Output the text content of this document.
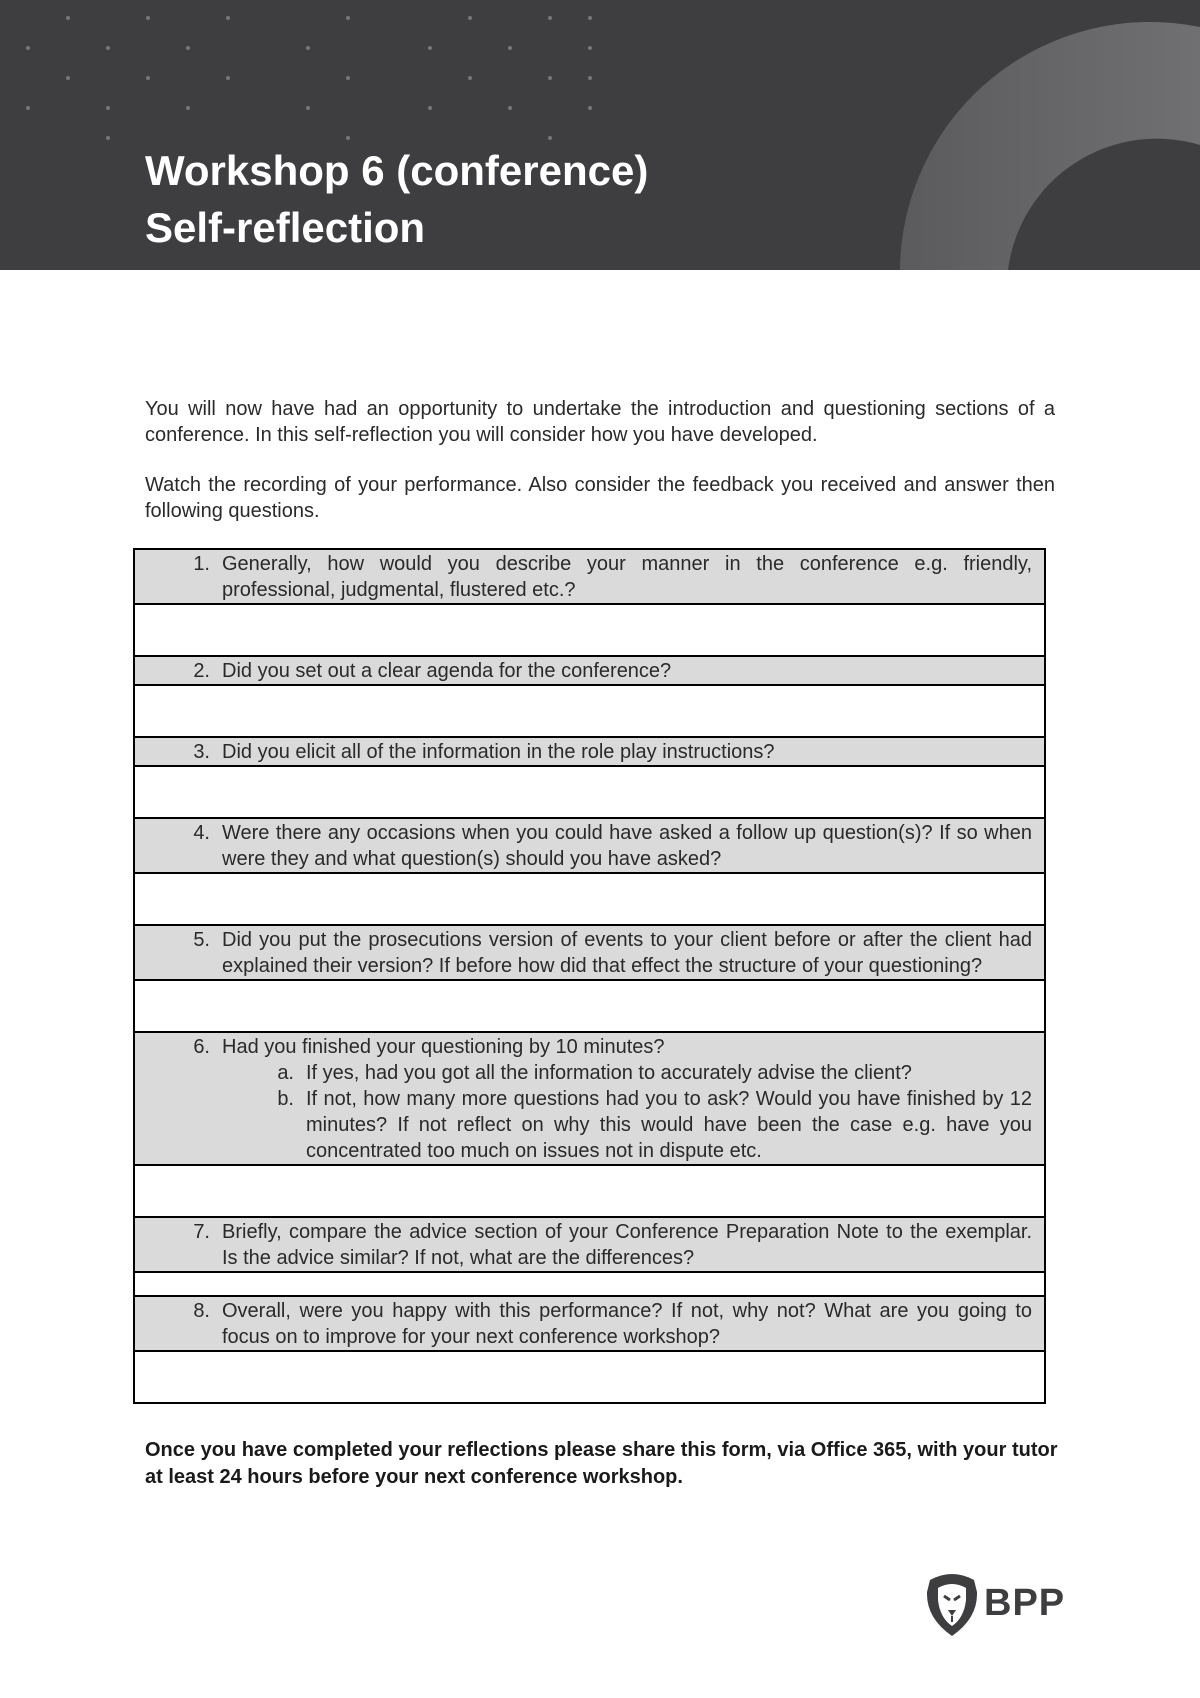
Workshop 6 (conference)
Self-reflection

You will now have had an opportunity to undertake the introduction and questioning sections of a conference. In this self-reflection you will consider how you have developed.

Watch the recording of your performance. Also consider the feedback you received and answer then following questions.

1. Generally, how would you describe your manner in the conference e.g. friendly, professional, judgmental, flustered etc.?

2. Did you set out a clear agenda for the conference?

3. Did you elicit all of the information in the role play instructions?

4. Were there any occasions when you could have asked a follow up question(s)? If so when were they and what question(s) should you have asked?

5. Did you put the prosecutions version of events to your client before or after the client had explained their version? If before how did that effect the structure of your questioning?

6. Had you finished your questioning by 10 minutes?
a. If yes, had you got all the information to accurately advise the client?
b. If not, how many more questions had you to ask? Would you have finished by 12 minutes? If not reflect on why this would have been the case e.g. have you concentrated too much on issues not in dispute etc.

7. Briefly, compare the advice section of your Conference Preparation Note to the exemplar. Is the advice similar? If not, what are the differences?

8. Overall, were you happy with this performance? If not, why not? What are you going to focus on to improve for your next conference workshop?

Once you have completed your reflections please share this form, via Office 365, with your tutor at least 24 hours before your next conference workshop.

BPP
